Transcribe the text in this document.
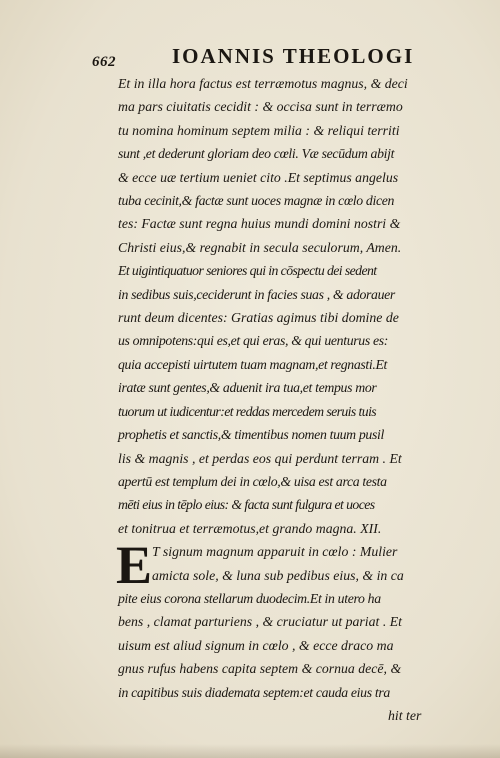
662	IOANNIS THEOLOGI
Et in illa hora factus est terræmotus magnus, & deci
ma pars ciuitatis cecidit : & occisa sunt in terræmo
tu nomina hominum septem milia : & reliqui territi
sunt ,et dederunt gloriam deo cœli. Væ secūdum abijt
& ecce uæ tertium ueniet cito .Et septimus angelus
tuba cecinit,& factæ sunt uoces magnæ in cœlo dicen
tes: Factæ sunt regna huius mundi domini nostri &
Christi eius,& regnabit in secula seculorum, Amen.
Et uigintiquatuor seniores qui in cōspectu dei sedent
in sedibus suis,ceciderunt in facies suas , & adorauer
runt deum dicentes: Gratias agimus tibi domine de
us omnipotens:qui es,et qui eras, & qui uenturus es:
quia accepisti uirtutem tuam magnam,et regnasti.Et
iratæ sunt gentes,& aduenit ira tua,et tempus mor
tuorum ut iudicentur:et reddas mercedem seruis tuis
prophetis et sanctis,& timentibus nomen tuum pusil
lis & magnis , et perdas eos qui perdunt terram . Et
apertū est templum dei in cœlo,& uisa est arca testa
mēti eius in tēplo eius: & facta sunt fulgura et uoces
et tonitrua et terræmotus,et grando magna. XII.
E T signum magnum apparuit in cœlo : Mulier
amicta sole, & luna sub pedibus eius, & in ca
pite eius corona stellarum duodecim.Et in utero ha
bens , clamat parturiens , & cruciatur ut pariat . Et
uisum est aliud signum in cœlo , & ecce draco ma
gnus rufus habens capita septem & cornua decē, &
in capitibus suis diademata septem:et cauda eius tra
hit ter
